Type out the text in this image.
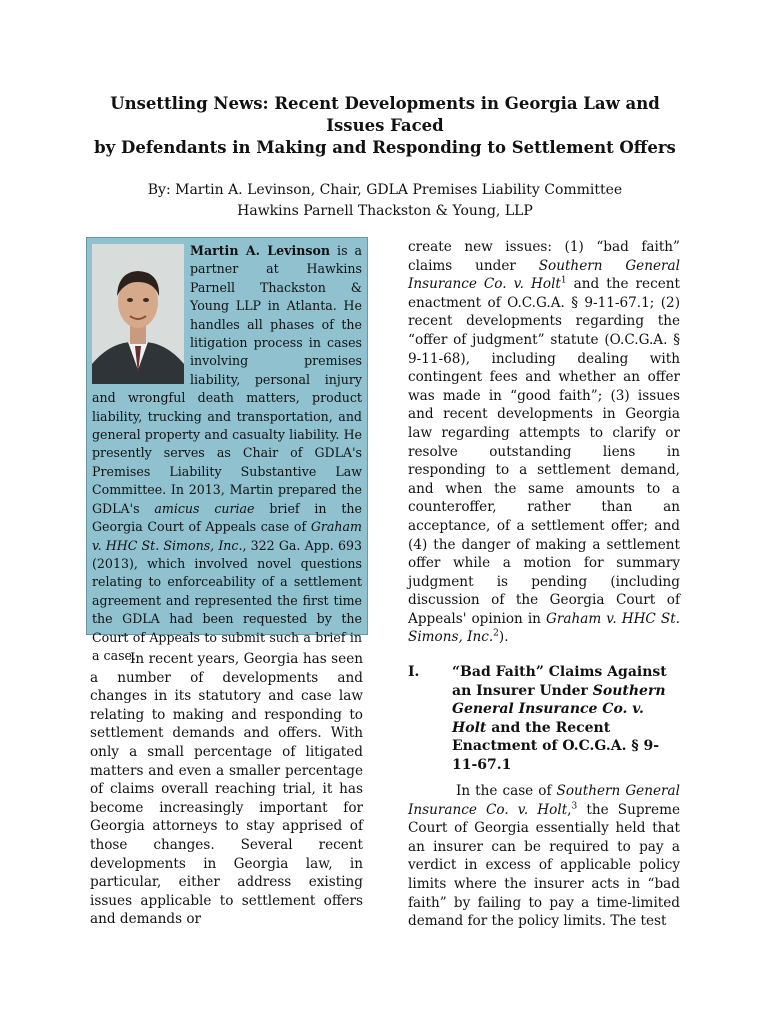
Unsettling News: Recent Developments in Georgia Law and
Issues Faced
by Defendants in Making and Responding to Settlement Offers
By: Martin A. Levinson, Chair, GDLA Premises Liability Committee
Hawkins Parnell Thackston & Young, LLP
Martin A. Levinson is a partner at Hawkins Parnell Thackston & Young LLP in Atlanta. He handles all phases of the litigation process in cases involving premises liability, personal injury and wrongful death matters, product liability, trucking and transportation, and general property and casualty liability. He presently serves as Chair of GDLA's Premises Liability Substantive Law Committee. In 2013, Martin prepared the GDLA's amicus curiae brief in the Georgia Court of Appeals case of Graham v. HHC St. Simons, Inc., 322 Ga. App. 693 (2013), which involved novel questions relating to enforceability of a settlement agreement and represented the first time the GDLA had been requested by the Court of Appeals to submit such a brief in a case.

In recent years, Georgia has seen a number of developments and changes in its statutory and case law relating to making and responding to settlement demands and offers. With only a small percentage of litigated matters and even a smaller percentage of claims overall reaching trial, it has become increasingly important for Georgia attorneys to stay apprised of those changes. Several recent developments in Georgia law, in particular, either address existing issues applicable to settlement offers and demands or

create new issues: (1) “bad faith” claims under Southern General Insurance Co. v. Holt$^1$ and the recent enactment of O.C.G.A. § 9-11-67.1; (2) recent developments regarding the “offer of judgment” statute (O.C.G.A. § 9-11-68), including dealing with contingent fees and whether an offer was made in “good faith”; (3) issues and recent developments in Georgia law regarding attempts to clarify or resolve outstanding liens in responding to a settlement demand, and when the same amounts to a counteroffer, rather than an acceptance, of a settlement offer; and (4) the danger of making a settlement offer while a motion for summary judgment is pending (including discussion of the Georgia Court of Appeals' opinion in Graham v. HHC St. Simons, Inc.$^2$).

I. “Bad Faith” Claims Against an Insurer Under Southern General Insurance Co. v. Holt and the Recent Enactment of O.C.G.A. § 9-11-67.1

In the case of Southern General Insurance Co. v. Holt,$^3$ the Supreme Court of Georgia essentially held that an insurer can be required to pay a verdict in excess of applicable policy limits where the insurer acts in “bad faith” by failing to pay a time-limited demand for the policy limits. The test
